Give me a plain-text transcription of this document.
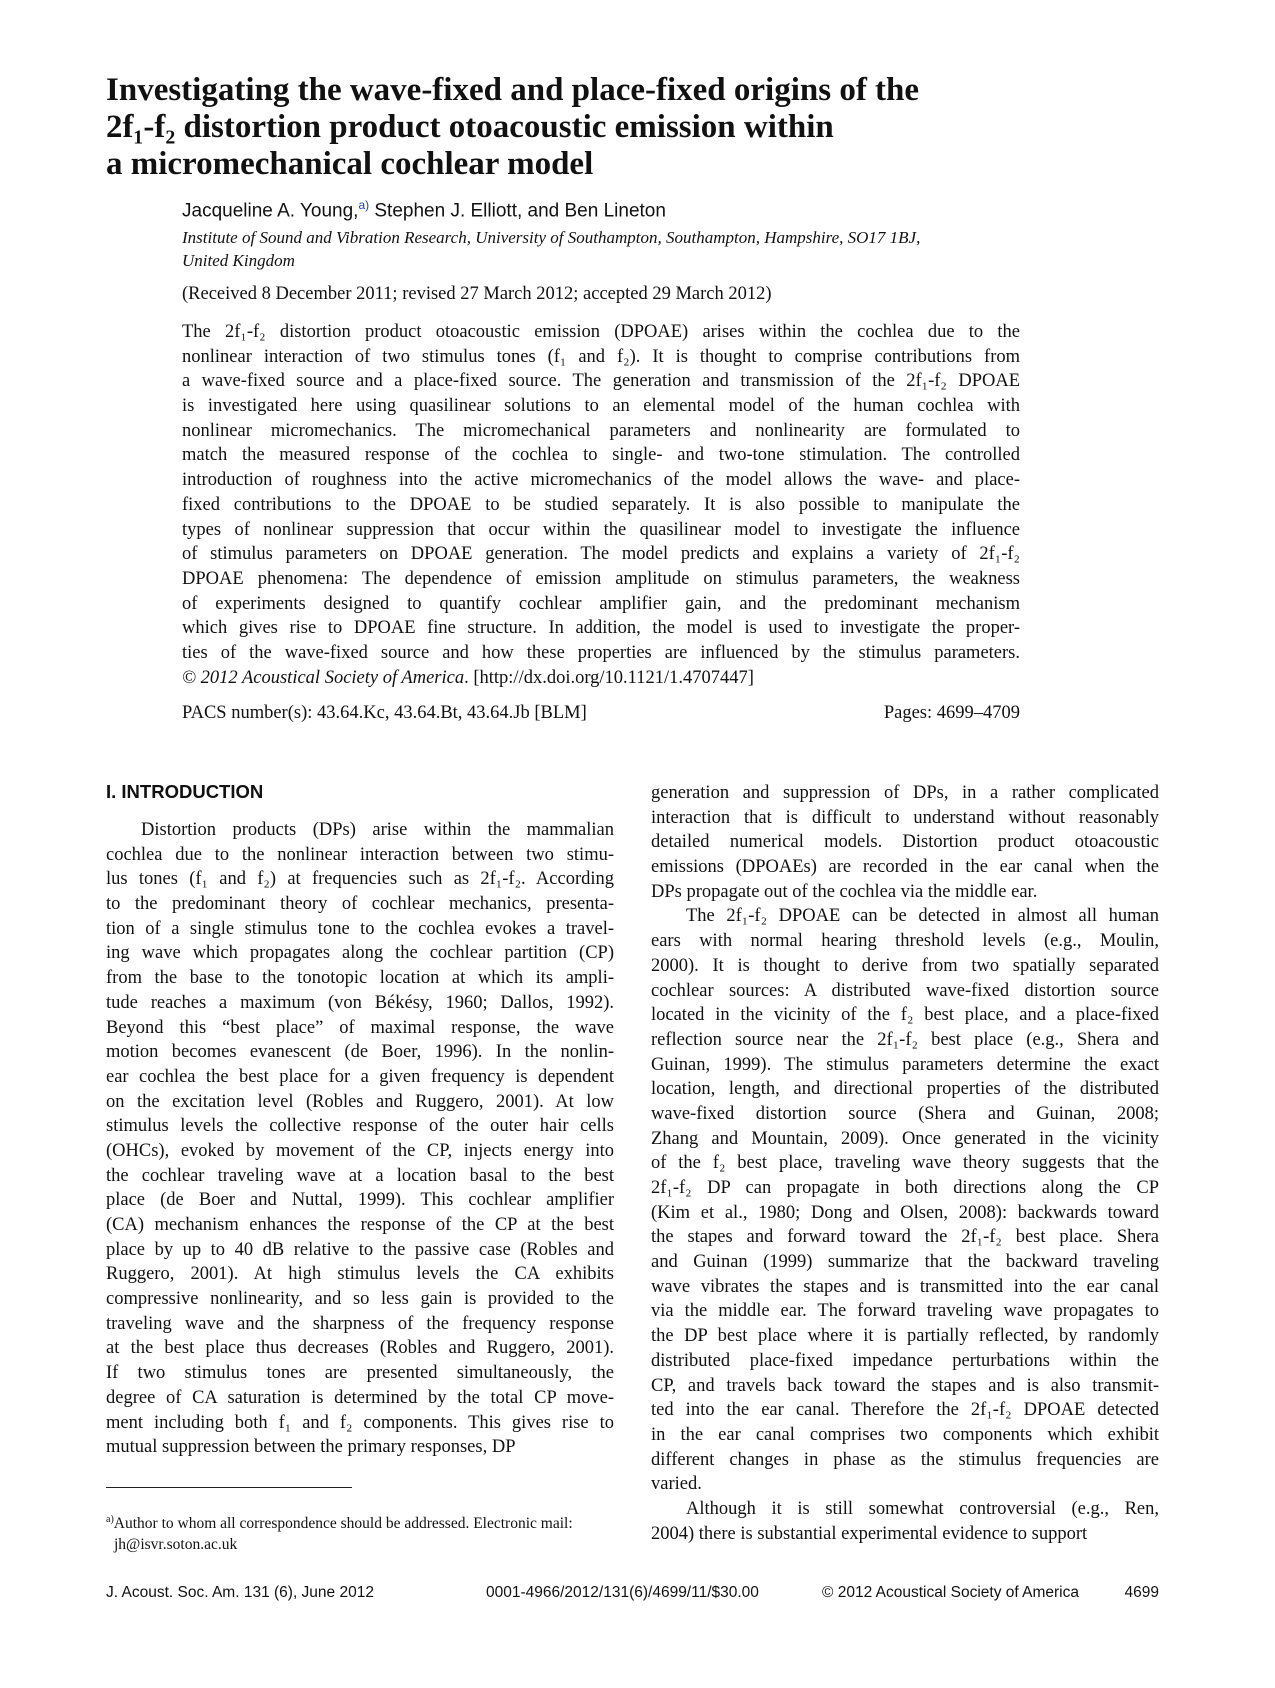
Investigating the wave-fixed and place-fixed origins of the
2f₁-f₂ distortion product otoacoustic emission within
a micromechanical cochlear model
Jacqueline A. Young,$^{a)}$ Stephen J. Elliott, and Ben Lineton
Institute of Sound and Vibration Research, University of Southampton, Southampton, Hampshire, SO17 1BJ,
United Kingdom
(Received 8 December 2011; revised 27 March 2012; accepted 29 March 2012)
The 2f₁-f₂ distortion product otoacoustic emission (DPOAE) arises within the cochlea due to the
nonlinear interaction of two stimulus tones (f₁ and f₂). It is thought to comprise contributions from
a wave-fixed source and a place-fixed source. The generation and transmission of the 2f₁-f₂ DPOAE
is investigated here using quasilinear solutions to an elemental model of the human cochlea with
nonlinear micromechanics. The micromechanical parameters and nonlinearity are formulated to
match the measured response of the cochlea to single- and two-tone stimulation. The controlled
introduction of roughness into the active micromechanics of the model allows the wave- and place-
fixed contributions to the DPOAE to be studied separately. It is also possible to manipulate the
types of nonlinear suppression that occur within the quasilinear model to investigate the influence
of stimulus parameters on DPOAE generation. The model predicts and explains a variety of 2f₁-f₂
DPOAE phenomena: The dependence of emission amplitude on stimulus parameters, the weakness
of experiments designed to quantify cochlear amplifier gain, and the predominant mechanism
which gives rise to DPOAE fine structure. In addition, the model is used to investigate the proper-
ties of the wave-fixed source and how these properties are influenced by the stimulus parameters.
© 2012 Acoustical Society of America. [http://dx.doi.org/10.1121/1.4707447]
PACS number(s): 43.64.Kc, 43.64.Bt, 43.64.Jb [BLM]	Pages: 4699–4709
I. INTRODUCTION
Distortion products (DPs) arise within the mammalian
cochlea due to the nonlinear interaction between two stimu-
lus tones (f₁ and f₂) at frequencies such as 2f₁-f₂. According
to the predominant theory of cochlear mechanics, presenta-
tion of a single stimulus tone to the cochlea evokes a travel-
ing wave which propagates along the cochlear partition (CP)
from the base to the tonotopic location at which its ampli-
tude reaches a maximum (von Békésy, 1960; Dallos, 1992).
Beyond this “best place” of maximal response, the wave
motion becomes evanescent (de Boer, 1996). In the nonlin-
ear cochlea the best place for a given frequency is dependent
on the excitation level (Robles and Ruggero, 2001). At low
stimulus levels the collective response of the outer hair cells
(OHCs), evoked by movement of the CP, injects energy into
the cochlear traveling wave at a location basal to the best
place (de Boer and Nuttal, 1999). This cochlear amplifier
(CA) mechanism enhances the response of the CP at the best
place by up to 40 dB relative to the passive case (Robles and
Ruggero, 2001). At high stimulus levels the CA exhibits
compressive nonlinearity, and so less gain is provided to the
traveling wave and the sharpness of the frequency response
at the best place thus decreases (Robles and Ruggero, 2001).
If two stimulus tones are presented simultaneously, the
degree of CA saturation is determined by the total CP move-
ment including both f₁ and f₂ components. This gives rise to
mutual suppression between the primary responses, DP
generation and suppression of DPs, in a rather complicated
interaction that is difficult to understand without reasonably
detailed numerical models. Distortion product otoacoustic
emissions (DPOAEs) are recorded in the ear canal when the
DPs propagate out of the cochlea via the middle ear.
The 2f₁-f₂ DPOAE can be detected in almost all human
ears with normal hearing threshold levels (e.g., Moulin,
2000). It is thought to derive from two spatially separated
cochlear sources: A distributed wave-fixed distortion source
located in the vicinity of the f₂ best place, and a place-fixed
reflection source near the 2f₁-f₂ best place (e.g., Shera and
Guinan, 1999). The stimulus parameters determine the exact
location, length, and directional properties of the distributed
wave-fixed distortion source (Shera and Guinan, 2008;
Zhang and Mountain, 2009). Once generated in the vicinity
of the f₂ best place, traveling wave theory suggests that the
2f₁-f₂ DP can propagate in both directions along the CP
(Kim et al., 1980; Dong and Olsen, 2008): backwards toward
the stapes and forward toward the 2f₁-f₂ best place. Shera
and Guinan (1999) summarize that the backward traveling
wave vibrates the stapes and is transmitted into the ear canal
via the middle ear. The forward traveling wave propagates to
the DP best place where it is partially reflected, by randomly
distributed place-fixed impedance perturbations within the
CP, and travels back toward the stapes and is also transmit-
ted into the ear canal. Therefore the 2f₁-f₂ DPOAE detected
in the ear canal comprises two components which exhibit
different changes in phase as the stimulus frequencies are
varied.
Although it is still somewhat controversial (e.g., Ren,
2004) there is substantial experimental evidence to support
$^{a)}$Author to whom all correspondence should be addressed. Electronic mail:
jh@isvr.soton.ac.uk
J. Acoust. Soc. Am. 131 (6), June 2012	0001-4966/2012/131(6)/4699/11/$30.00	© 2012 Acoustical Society of America	4699
